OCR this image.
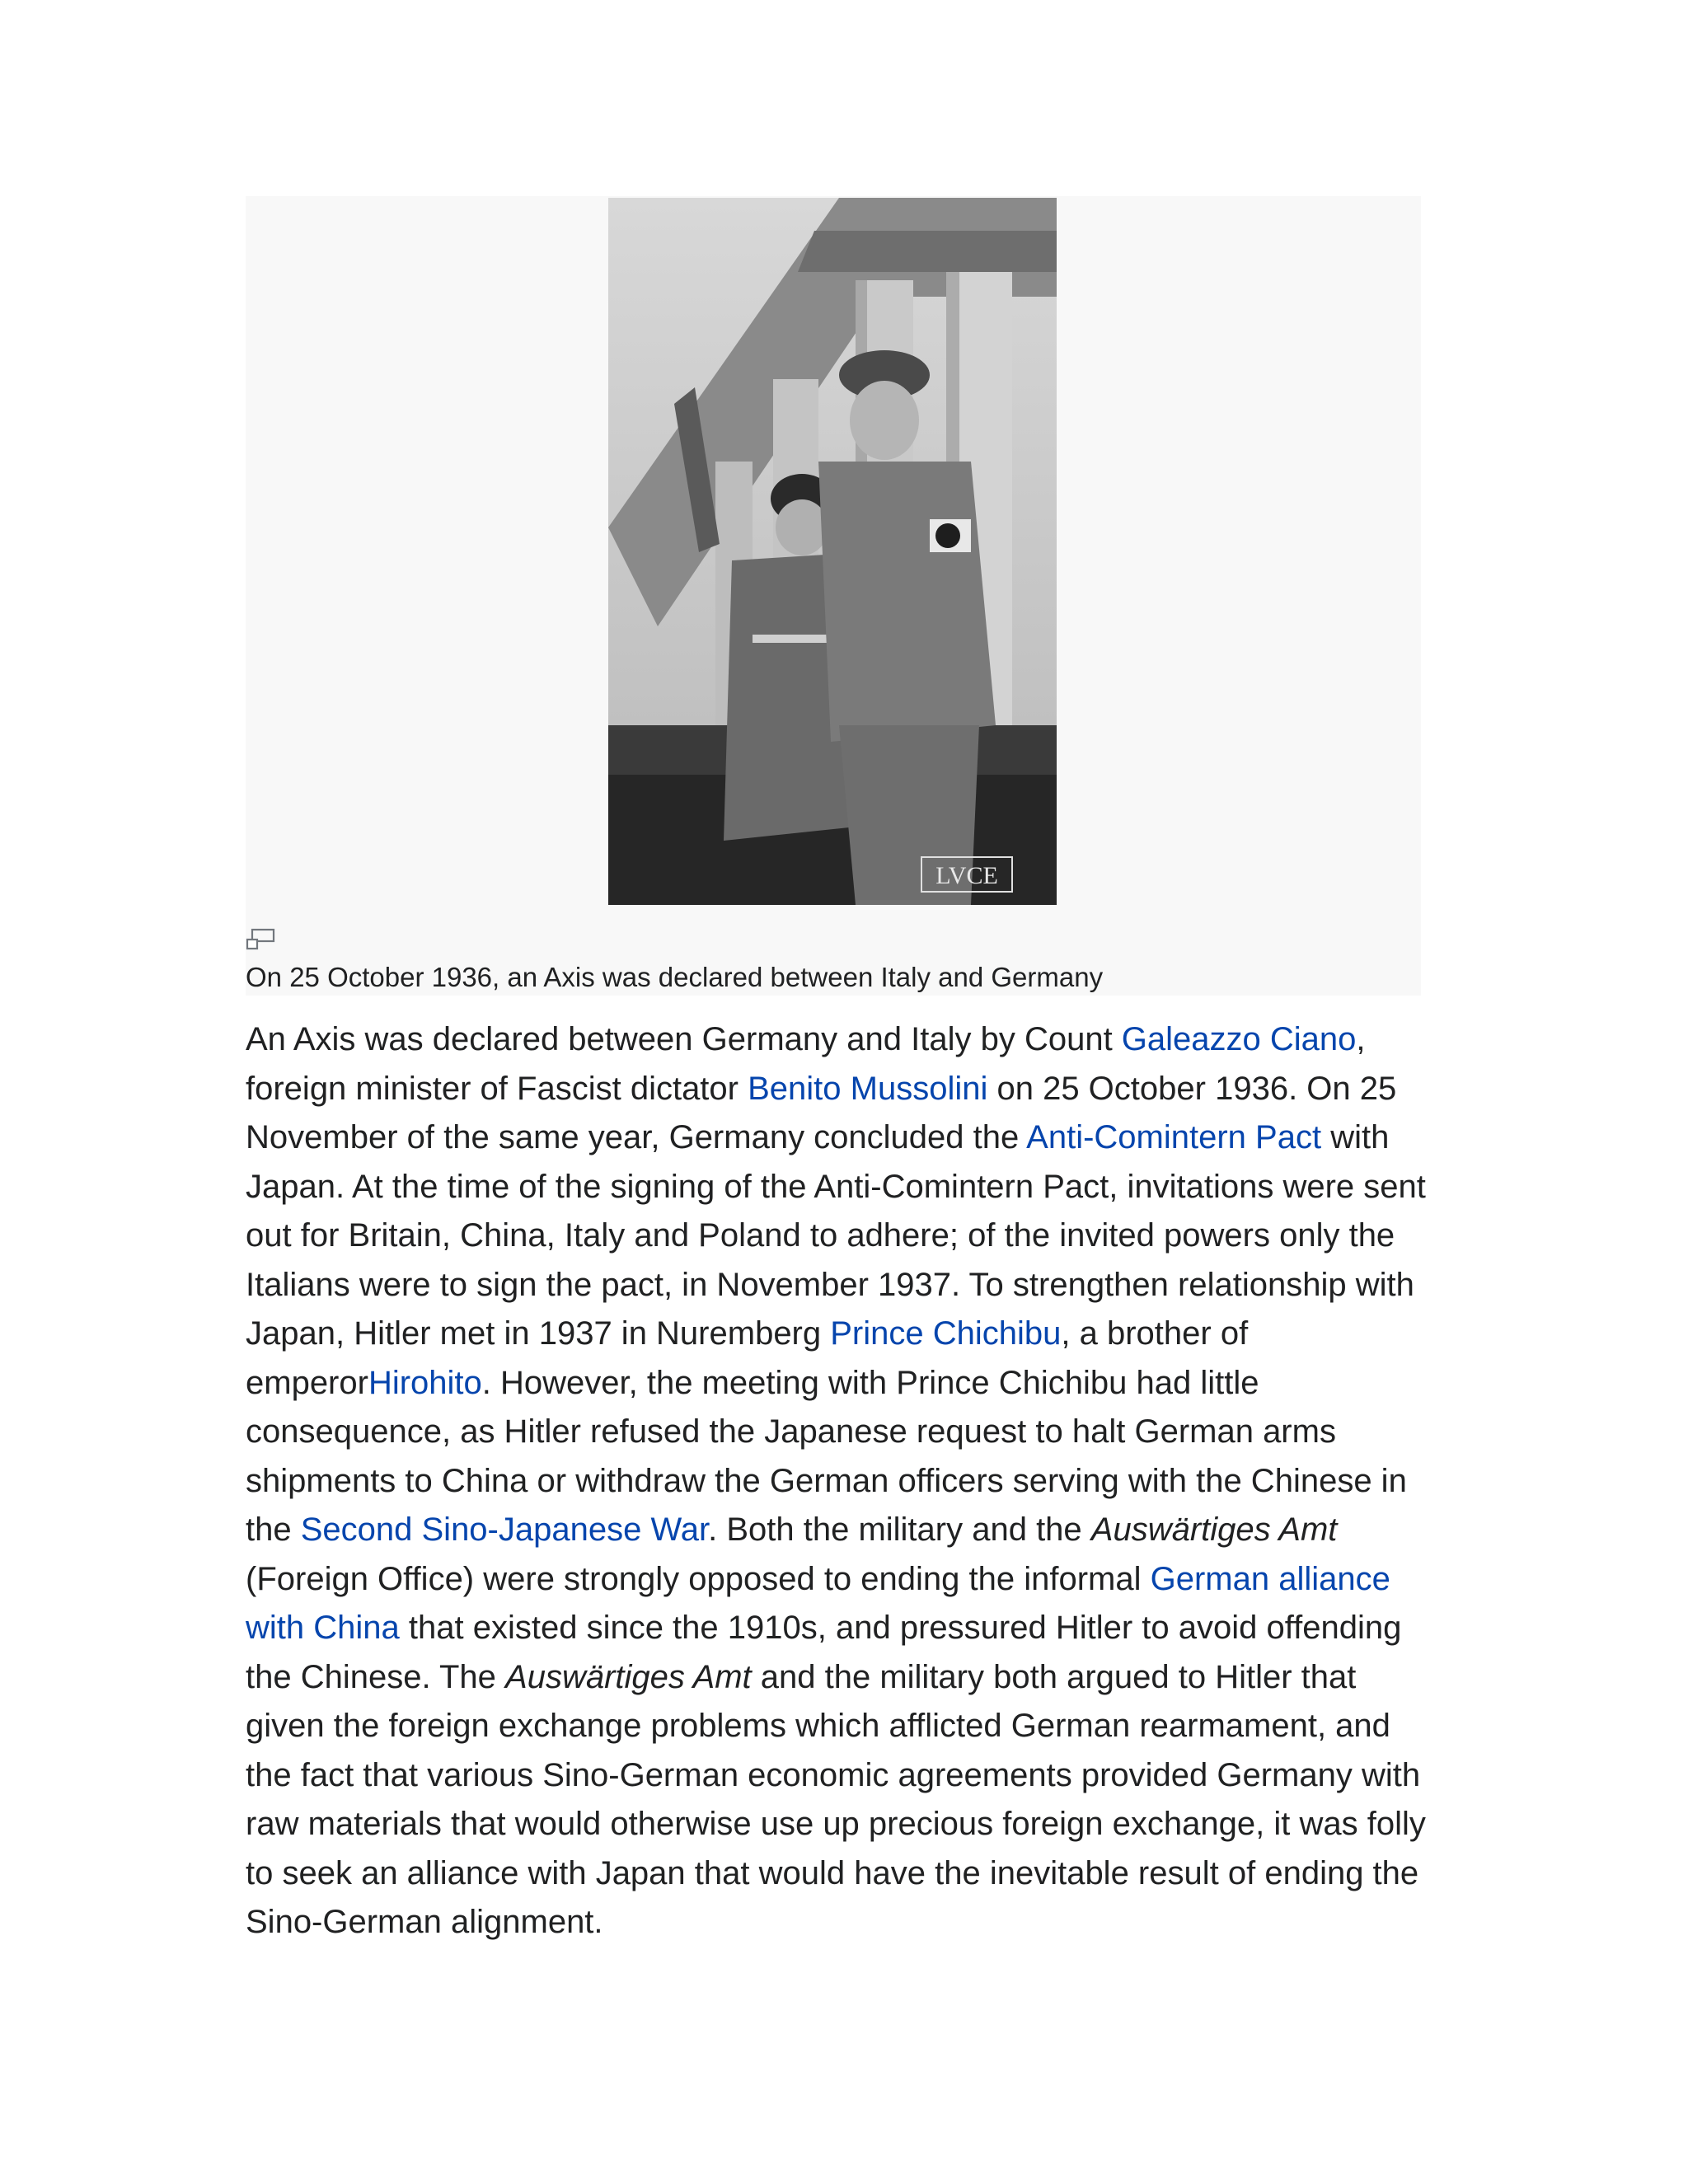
LVCE
On 25 October 1936, an Axis was declared between Italy and Germany

An Axis was declared between Germany and Italy by Count Galeazzo Ciano, foreign minister of Fascist dictator Benito Mussolini on 25 October 1936. On 25 November of the same year, Germany concluded the Anti-Comintern Pact with Japan. At the time of the signing of the Anti-Comintern Pact, invitations were sent out for Britain, China, Italy and Poland to adhere; of the invited powers only the Italians were to sign the pact, in November 1937. To strengthen relationship with Japan, Hitler met in 1937 in Nuremberg Prince Chichibu, a brother of emperorHirohito. However, the meeting with Prince Chichibu had little consequence, as Hitler refused the Japanese request to halt German arms shipments to China or withdraw the German officers serving with the Chinese in the Second Sino-Japanese War. Both the military and the Auswärtiges Amt (Foreign Office) were strongly opposed to ending the informal German alliance with China that existed since the 1910s, and pressured Hitler to avoid offending the Chinese. The Auswärtiges Amt and the military both argued to Hitler that given the foreign exchange problems which afflicted German rearmament, and the fact that various Sino-German economic agreements provided Germany with raw materials that would otherwise use up precious foreign exchange, it was folly to seek an alliance with Japan that would have the inevitable result of ending the Sino-German alignment.
